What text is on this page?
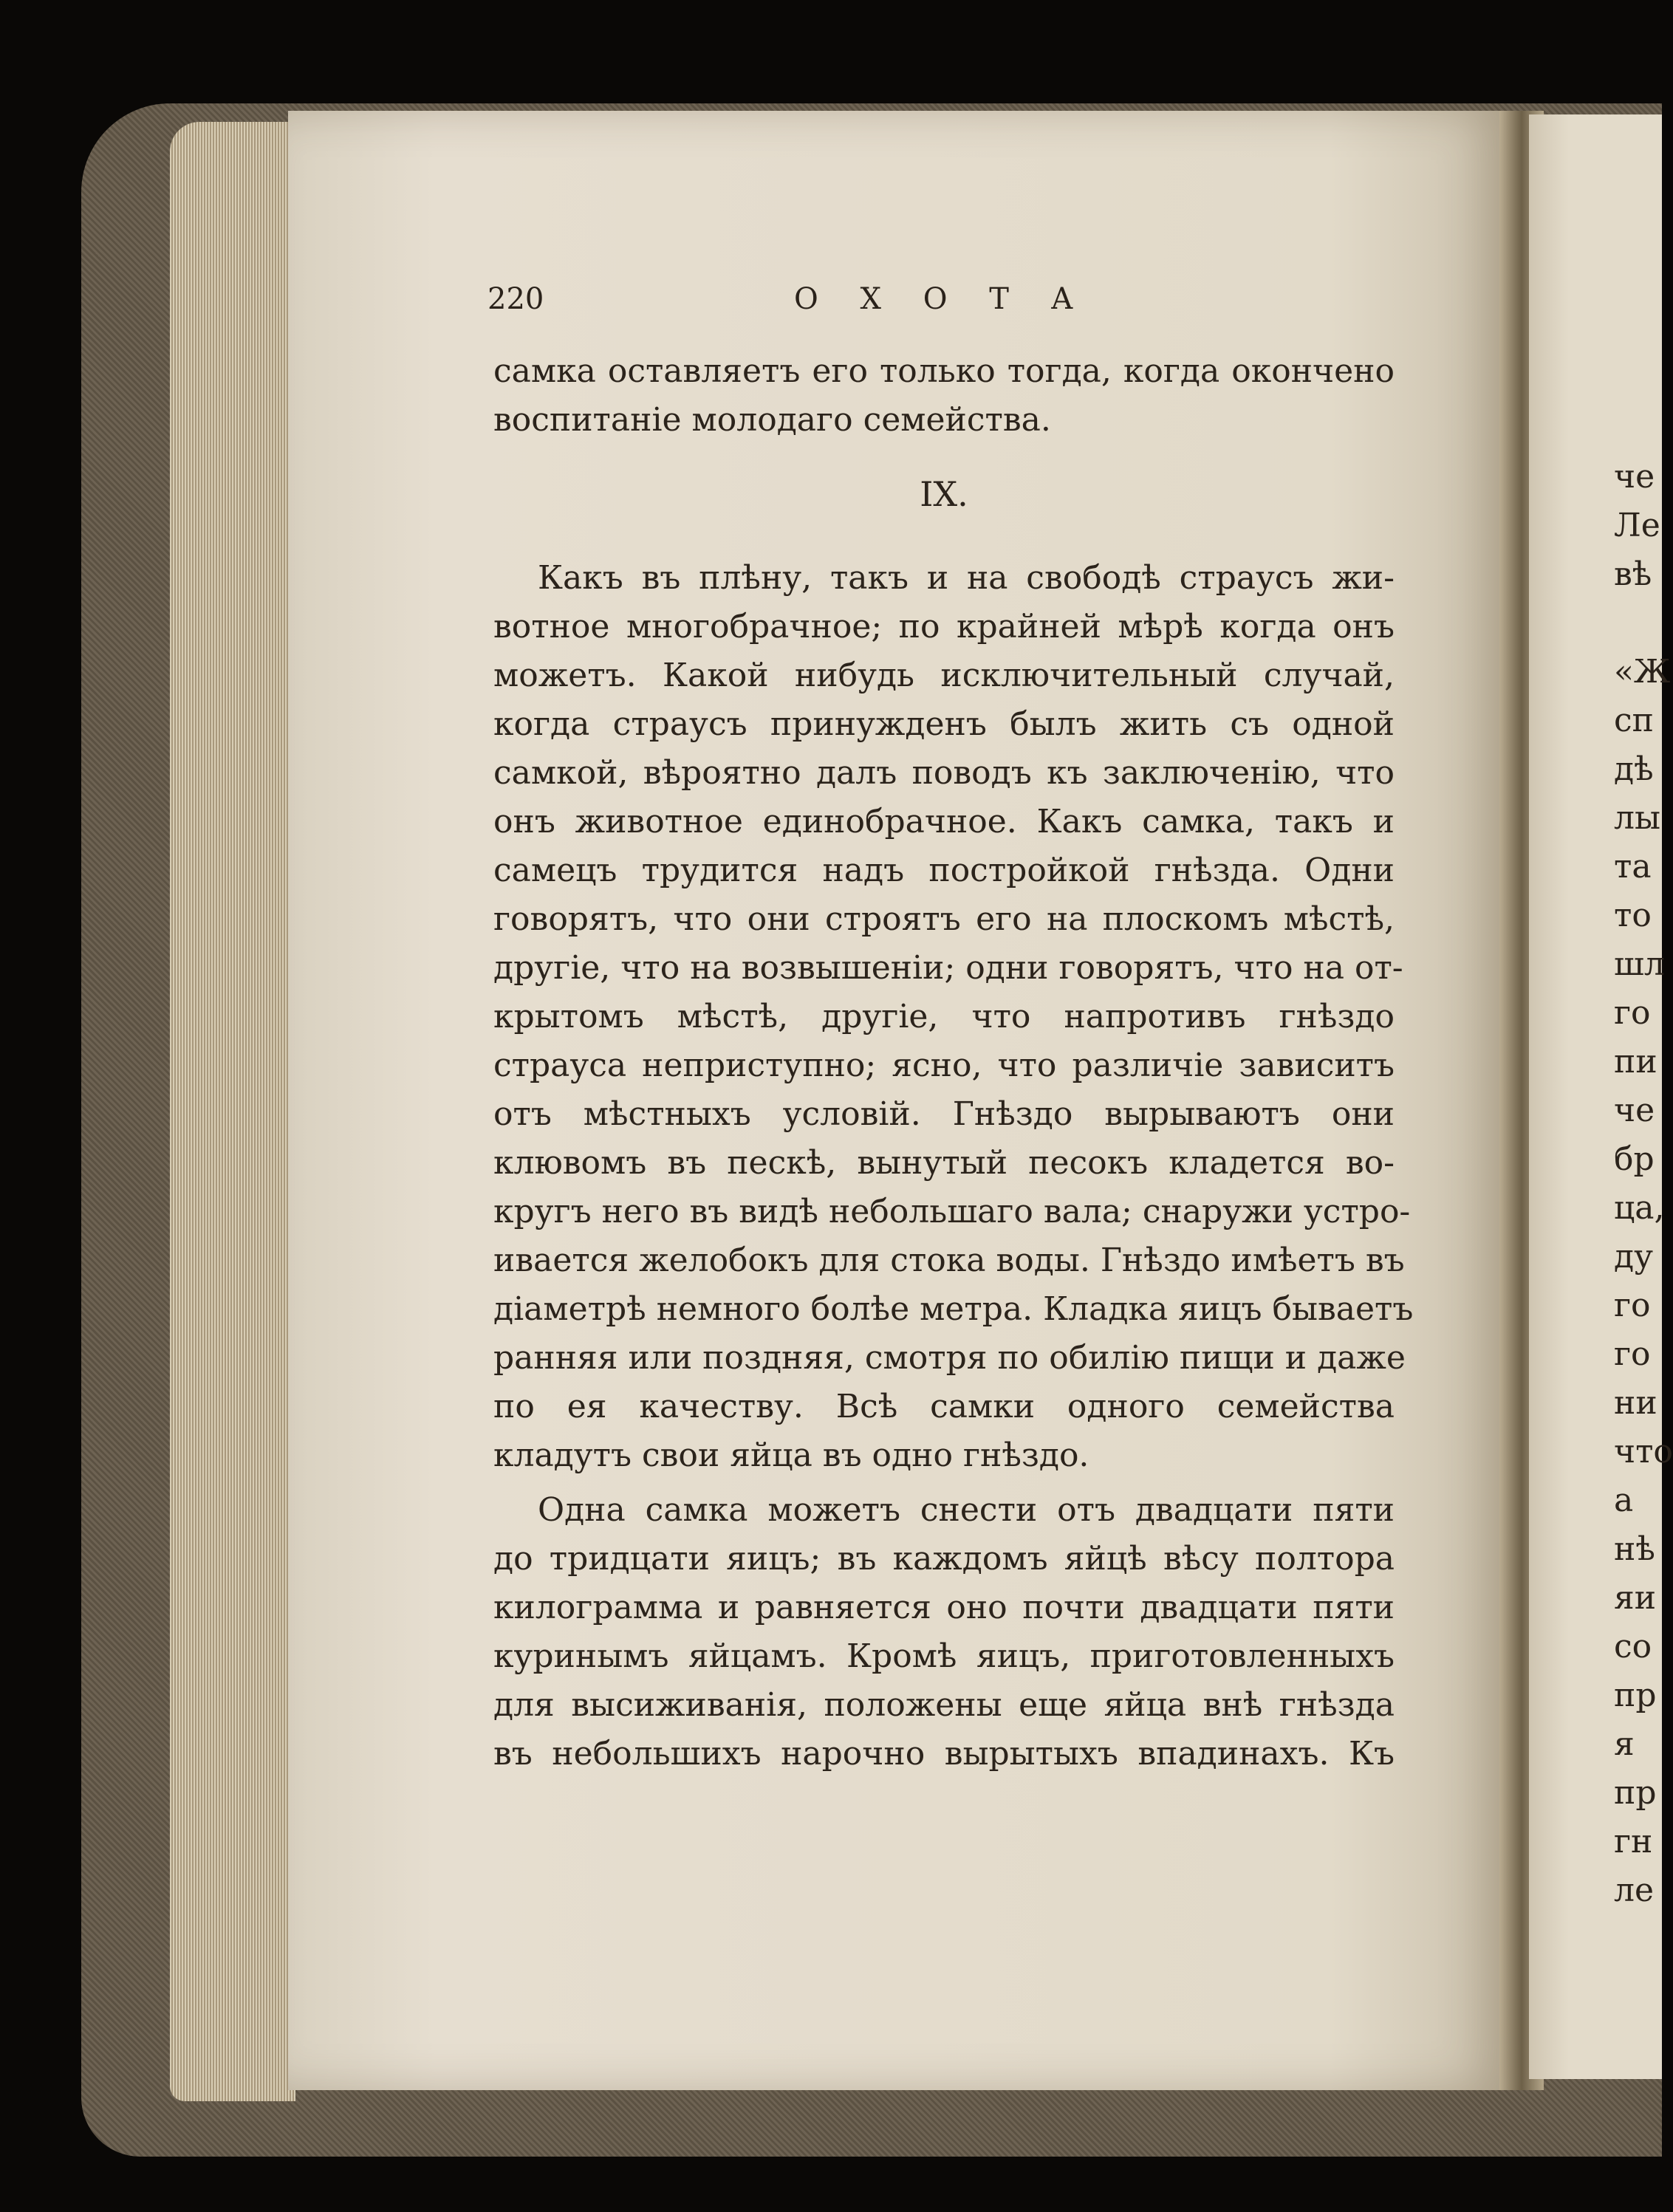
че
Ле
вѣ
«Ж
сп
дѣ
лы
та
то
шл
го
пи
че
бр
ца,
ду
го
го
ни
что
а
нѣ
яи
со
пр
я
пр
гн
ле
220	О Х О Т А
самка оставляетъ его только тогда, когда окончено
воспитаніе молодаго семейства.
IX.
Какъ въ плѣну, такъ и на свободѣ страусъ жи-
вотное многобрачное; по крайней мѣрѣ когда онъ
можетъ. Какой нибудь исключительный случай,
когда страусъ принужденъ былъ жить съ одной
самкой, вѣроятно далъ поводъ къ заключенію, что
онъ животное единобрачное. Какъ самка, такъ и
самецъ трудится надъ постройкой гнѣзда. Одни
говорятъ, что они строятъ его на плоскомъ мѣстѣ,
другіе, что на возвышеніи; одни говорятъ, что на от-
крытомъ мѣстѣ, другіе, что напротивъ гнѣздо
страуса неприступно; ясно, что различіе зависитъ
отъ мѣстныхъ условій. Гнѣздо вырываютъ они
клювомъ въ пескѣ, вынутый песокъ кладется во-
кругъ него въ видѣ небольшаго вала; снаружи устро-
ивается желобокъ для стока воды. Гнѣздо имѣетъ въ
діаметрѣ немного болѣе метра. Кладка яицъ бываетъ
ранняя или поздняя, смотря по обилію пищи и даже
по ея качеству. Всѣ самки одного семейства
кладутъ свои яйца въ одно гнѣздо.
Одна самка можетъ снести отъ двадцати пяти
до тридцати яицъ; въ каждомъ яйцѣ вѣсу полтора
килограмма и равняется оно почти двадцати пяти
куринымъ яйцамъ. Кромѣ яицъ, приготовленныхъ
для высиживанія, положены еще яйца внѣ гнѣзда
въ небольшихъ нарочно вырытыхъ впадинахъ. Къ
